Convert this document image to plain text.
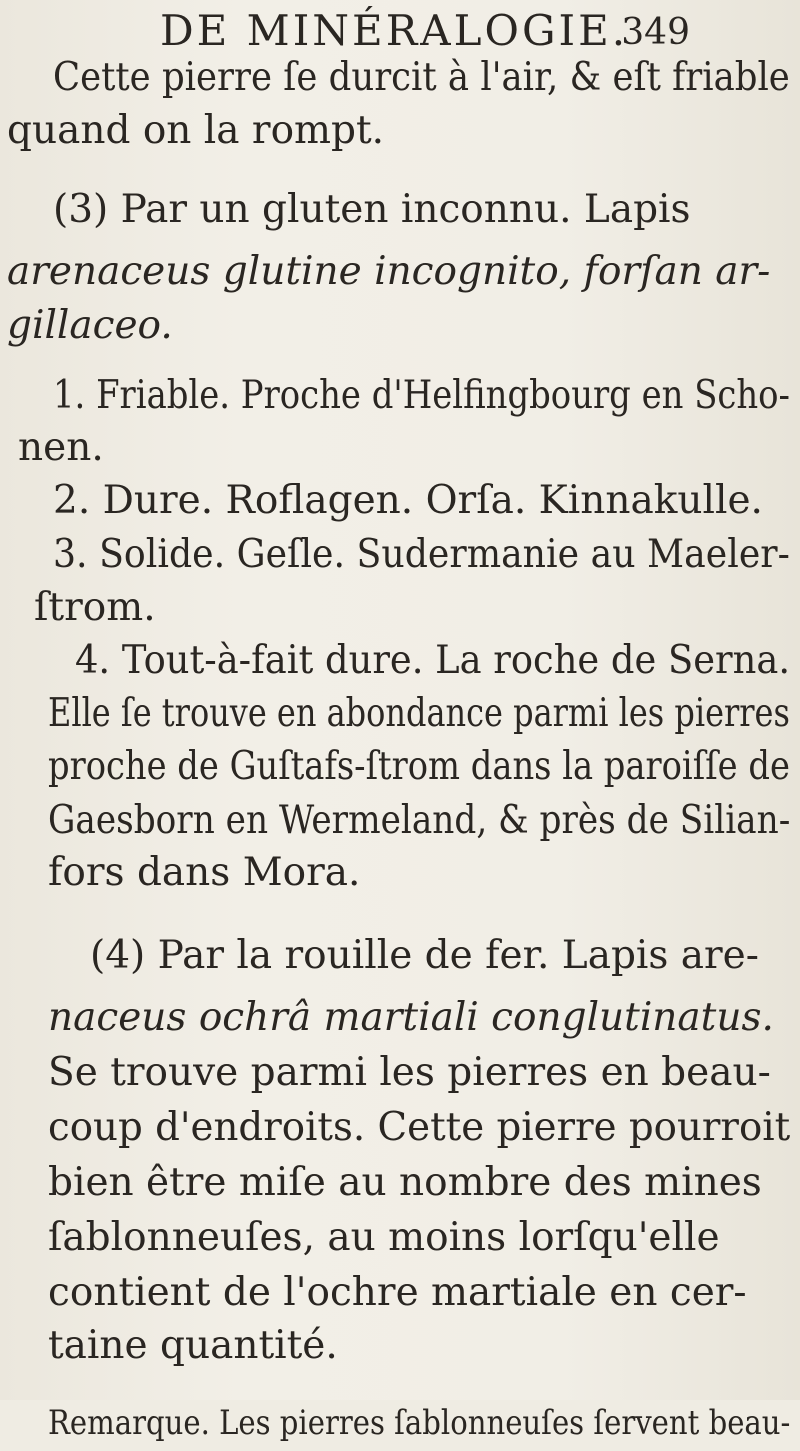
DE MINÉRALOGIE.
349
Cette pierre ſe durcit à l'air, & eſt friable
quand on la rompt.
(3) Par un gluten inconnu. Lapis
arenaceus glutine incognito, forſan ar-
gillaceo.
1. Friable. Proche d'Helfingbourg en Scho-
nen.
2. Dure. Roflagen. Orſa. Kinnakulle.
3. Solide. Geſle. Sudermanie au Maeler-
ſtrom.
4. Tout-à-fait dure. La roche de Serna.
Elle ſe trouve en abondance parmi les pierres
proche de Guſtafs-ſtrom dans la paroiſſe de
Gaesborn en Wermeland, & près de Silian-
fors dans Mora.
(4) Par la rouille de fer. Lapis are-
naceus ochrâ martiali conglutinatus.
Se trouve parmi les pierres en beau-
coup d'endroits. Cette pierre pourroit
bien être miſe au nombre des mines
ſablonneuſes, au moins lorſqu'elle
contient de l'ochre martiale en cer-
taine quantité.
Remarque. Les pierres ſablonneuſes ſervent beau-
